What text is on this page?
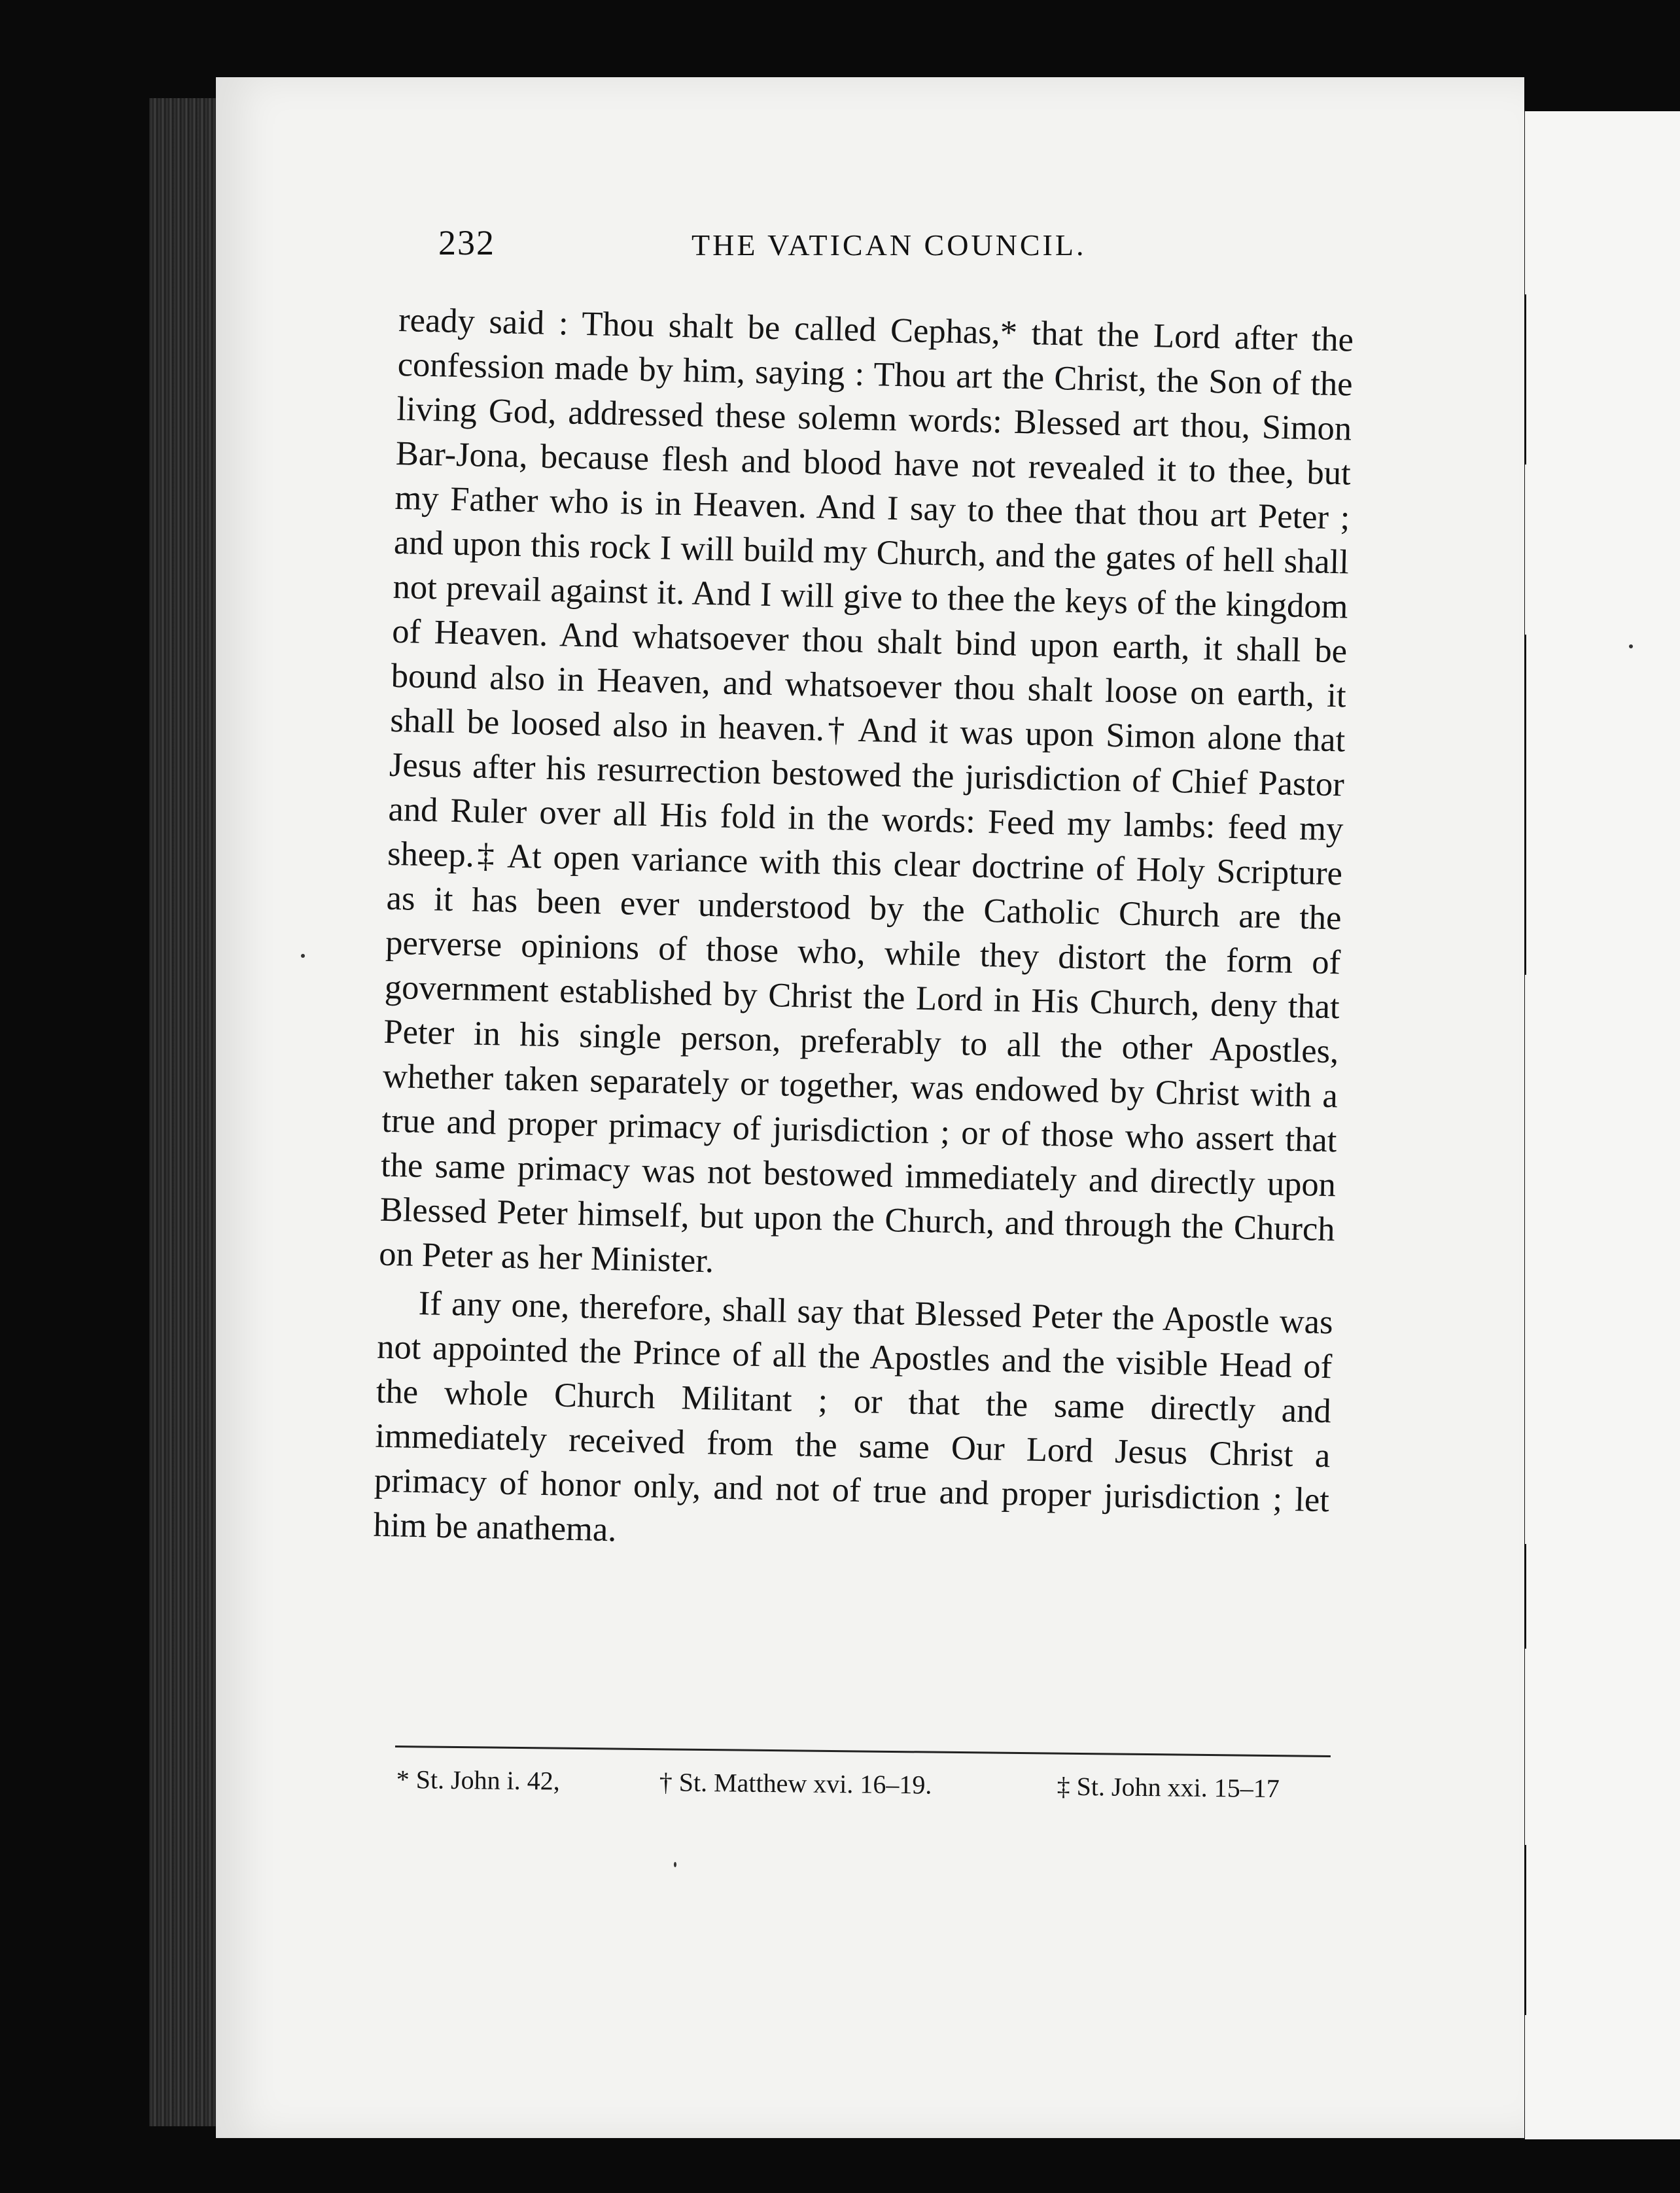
232	THE VATICAN COUNCIL.

ready said : Thou shalt be called Cephas,* that the Lord after the confession made by him, saying : Thou art the Christ, the Son of the living God, addressed these solemn words: Blessed art thou, Simon Bar-Jona, because flesh and blood have not revealed it to thee, but my Father who is in Heaven. And I say to thee that thou art Peter ; and upon this rock I will build my Church, and the gates of hell shall not prevail against it. And I will give to thee the keys of the kingdom of Heaven. And whatsoever thou shalt bind upon earth, it shall be bound also in Heaven, and whatsoever thou shalt loose on earth, it shall be loosed also in heaven.† And it was upon Simon alone that Jesus after his resurrection bestowed the jurisdiction of Chief Pastor and Ruler over all His fold in the words: Feed my lambs: feed my sheep.‡ At open variance with this clear doctrine of Holy Scripture as it has been ever understood by the Catholic Church are the perverse opinions of those who, while they distort the form of government established by Christ the Lord in His Church, deny that Peter in his single person, preferably to all the other Apostles, whether taken separately or together, was endowed by Christ with a true and proper primacy of jurisdiction ; or of those who assert that the same primacy was not bestowed immediately and directly upon Blessed Peter himself, but upon the Church, and through the Church on Peter as her Minister.

If any one, therefore, shall say that Blessed Peter the Apostle was not appointed the Prince of all the Apostles and the visible Head of the whole Church Militant ; or that the same directly and immediately received from the same Our Lord Jesus Christ a primacy of honor only, and not of true and proper jurisdiction ; let him be anathema.

* St. John i. 42,	† St. Matthew xvi. 16–19.	‡ St. John xxi. 15–17
